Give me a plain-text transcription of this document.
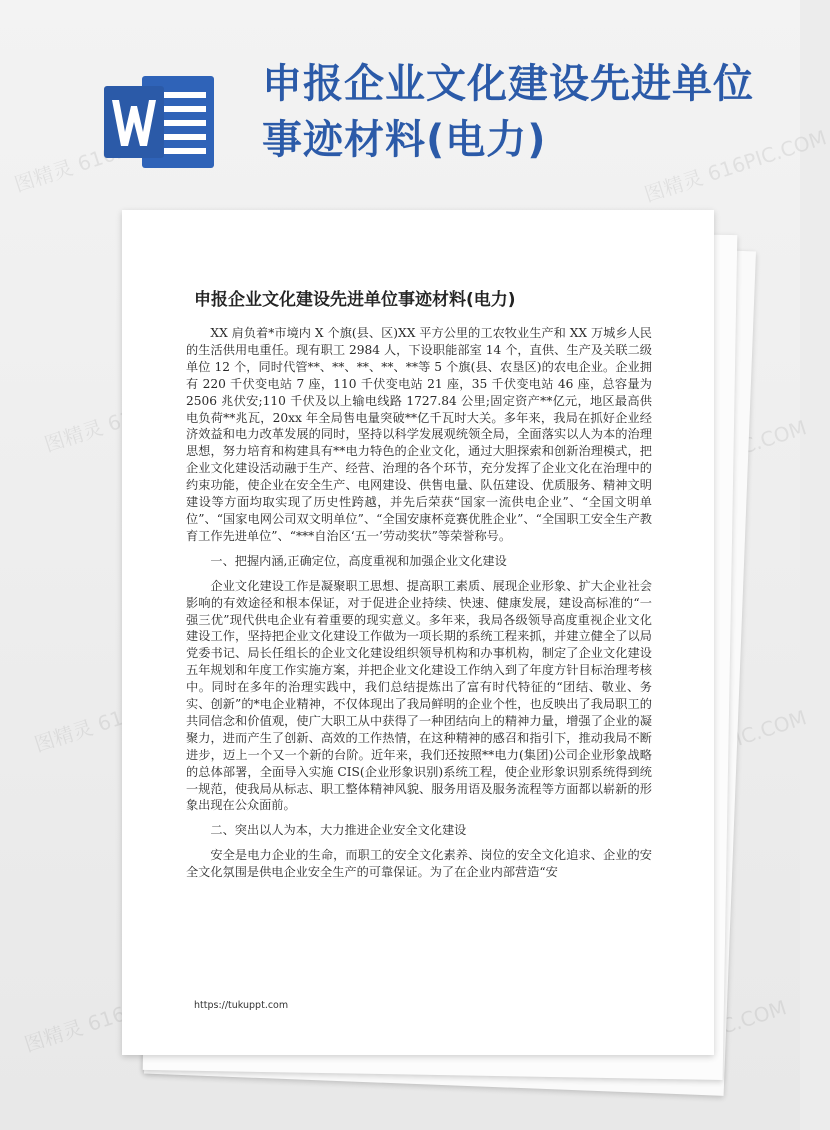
申报企业文化建设先进单位事迹材料(电力)
申报企业文化建设先进单位事迹材料(电力)

XX 肩负着*市境内 X 个旗(县、区)XX 平方公里的工农牧业生产和 XX 万城乡人民的生活供用电重任。现有职工 2984 人，下设职能部室 14 个，直供、生产及关联二级单位 12 个，同时代管**、**、**、**、**等 5 个旗(县、农垦区)的农电企业。企业拥有 220 千伏变电站 7 座，110 千伏变电站 21 座，35 千伏变电站 46 座，总容量为 2506 兆伏安;110 千伏及以上输电线路 1727.84 公里;固定资产**亿元，地区最高供电负荷**兆瓦，20xx 年全局售电量突破**亿千瓦时大关。多年来，我局在抓好企业经济效益和电力改革发展的同时，坚持以科学发展观统领全局，全面落实以人为本的治理思想，努力培育和构建具有**电力特色的企业文化，通过大胆探索和创新治理模式，把企业文化建设活动融于生产、经营、治理的各个环节，充分发挥了企业文化在治理中的约束功能，使企业在安全生产、电网建设、供售电量、队伍建设、优质服务、精神文明建设等方面均取实现了历史性跨越，并先后荣获“国家一流供电企业”、“全国文明单位”、“国家电网公司双文明单位”、“全国安康杯竞赛优胜企业”、“全国职工安全生产教育工作先进单位”、“***自治区‘五一’劳动奖状”等荣誉称号。

一、把握内涵,正确定位，高度重视和加强企业文化建设

企业文化建设工作是凝聚职工思想、提高职工素质、展现企业形象、扩大企业社会影响的有效途径和根本保证，对于促进企业持续、快速、健康发展，建设高标准的“一强三优”现代供电企业有着重要的现实意义。多年来，我局各级领导高度重视企业文化建设工作，坚持把企业文化建设工作做为一项长期的系统工程来抓，并建立健全了以局党委书记、局长任组长的企业文化建设组织领导机构和办事机构，制定了企业文化建设五年规划和年度工作实施方案，并把企业文化建设工作纳入到了年度方针目标治理考核中。同时在多年的治理实践中，我们总结提炼出了富有时代特征的“团结、敬业、务实、创新”的*电企业精神，不仅体现出了我局鲜明的企业个性，也反映出了我局职工的共同信念和价值观，使广大职工从中获得了一种团结向上的精神力量，增强了企业的凝聚力，进而产生了创新、高效的工作热情，在这种精神的感召和指引下，推动我局不断进步，迈上一个又一个新的台阶。近年来，我们还按照**电力(集团)公司企业形象战略的总体部署，全面导入实施 CIS(企业形象识别)系统工程，使企业形象识别系统得到统一规范，使我局从标志、职工整体精神风貌、服务用语及服务流程等方面都以崭新的形象出现在公众面前。

二、突出以人为本，大力推进企业安全文化建设

安全是电力企业的生命，而职工的安全文化素养、岗位的安全文化追求、企业的安全文化氛围是供电企业安全生产的可靠保证。为了在企业内部营造“安

https://tukuppt.com
